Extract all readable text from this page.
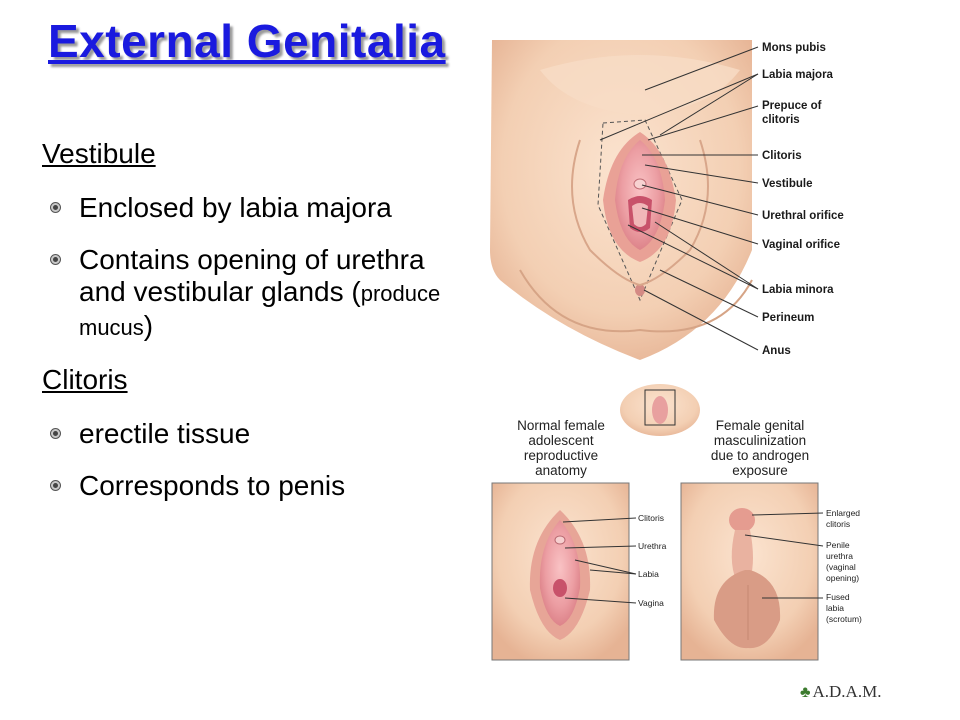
External Genitalia

Vestibule

Enclosed by labia majora

Contains opening of urethra and vestibular glands (produce mucus)

Clitoris

erectile tissue

Corresponds to penis

Mons pubis
Labia majora
Prepuce of
clitoris
Clitoris
Vestibule
Urethral orifice
Vaginal orifice
Labia minora
Perineum
Anus
Normal female
adolescent
reproductive
anatomy
Female genital
masculinization
due to androgen
exposure
Clitoris
Urethra
Labia
Vagina
Enlarged
clitoris
Penile
urethra
(vaginal
opening)
Fused
labia
(scrotum)
♣ A.D.A.M.
